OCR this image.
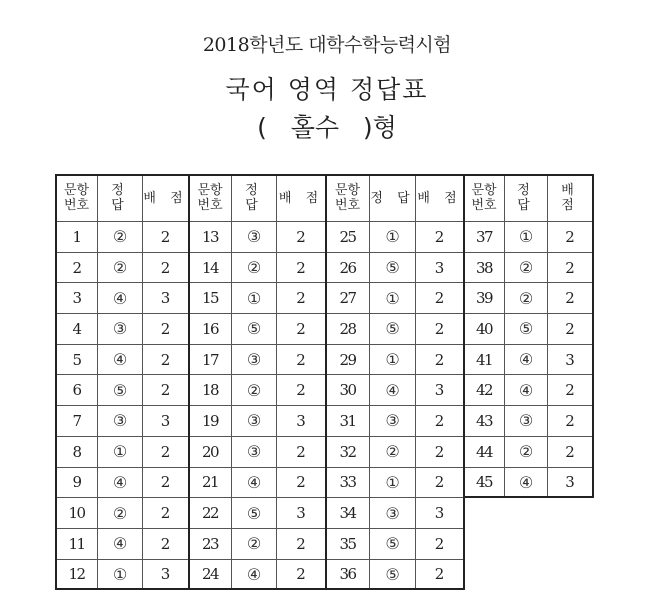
2018학년도 대학수학능력시험
국어 영역 정답표
(   홀수   )형
문항
번호	정 답	배 점
1	②	2
2	②	2
3	④	3
4	③	2
5	④	2
6	⑤	2
7	③	3
8	①	2
9	④	2
10	②	2
11	④	2
12	①	3
문항
번호	정 답	배 점
13	③	2
14	②	2
15	①	2
16	⑤	2
17	③	2
18	②	2
19	③	3
20	③	2
21	④	2
22	⑤	3
23	②	2
24	④	2
문항
번호	정 답	배 점
25	①	2
26	⑤	3
27	①	2
28	⑤	2
29	①	2
30	④	3
31	③	2
32	②	2
33	①	2
34	③	3
35	⑤	2
36	⑤	2
문항
번호	정 답	배 점
37	①	2
38	②	2
39	②	2
40	⑤	2
41	④	3
42	④	2
43	③	2
44	②	2
45	④	3
